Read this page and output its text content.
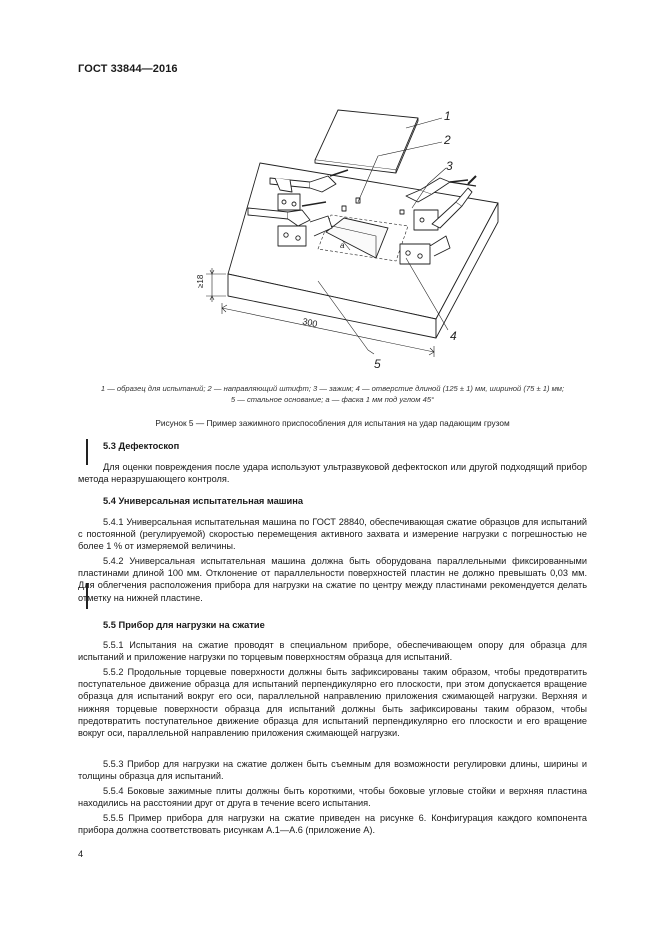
ГОСТ 33844—2016
1
2
3
4
5
a
≥18
300
1 — образец для испытаний; 2 — направляющий штифт; 3 — зажим; 4 — отверстие длиной (125 ± 1) мм, шириной (75 ± 1) мм;
5 — стальное основание; a — фаска 1 мм под углом 45°
Рисунок 5 — Пример зажимного приспособления для испытания на удар падающим грузом
5.3 Дефектоскоп

Для оценки повреждения после удара используют ультразвуковой дефектоскоп или другой подходящий прибор метода неразрушающего контроля.

5.4 Универсальная испытательная машина

5.4.1 Универсальная испытательная машина по ГОСТ 28840, обеспечивающая сжатие образцов для испытаний с постоянной (регулируемой) скоростью перемещения активного захвата и измерение нагрузки с погрешностью не более 1 % от измеряемой величины.

5.4.2 Универсальная испытательная машина должна быть оборудована параллельными фиксированными пластинами длиной 100 мм. Отклонение от параллельности поверхностей пластин не должно превышать 0,03 мм. Для облегчения расположения прибора для нагрузки на сжатие по центру между пластинами рекомендуется делать отметку на нижней пластине.

5.5 Прибор для нагрузки на сжатие

5.5.1 Испытания на сжатие проводят в специальном приборе, обеспечивающем опору для образца для испытаний и приложение нагрузки по торцевым поверхностям образца для испытаний.

5.5.2 Продольные торцевые поверхности должны быть зафиксированы таким образом, чтобы предотвратить поступательное движение образца для испытаний перпендикулярно его плоскости, при этом допускается вращение образца для испытаний вокруг его оси, параллельной направлению приложения сжимающей нагрузки. Верхняя и нижняя торцевые поверхности образца для испытаний должны быть зафиксированы таким образом, чтобы предотвратить поступательное движение образца для испытаний перпендикулярно его плоскости и его вращение вокруг оси, параллельной направлению приложения сжимающей нагрузки.

5.5.3 Прибор для нагрузки на сжатие должен быть съемным для возможности регулировки длины, ширины и толщины образца для испытаний.

5.5.4 Боковые зажимные плиты должны быть короткими, чтобы боковые угловые стойки и верхняя пластина находились на расстоянии друг от друга в течение всего испытания.

5.5.5 Пример прибора для нагрузки на сжатие приведен на рисунке 6. Конфигурация каждого компонента прибора должна соответствовать рисункам А.1—А.6 (приложение А).

4
